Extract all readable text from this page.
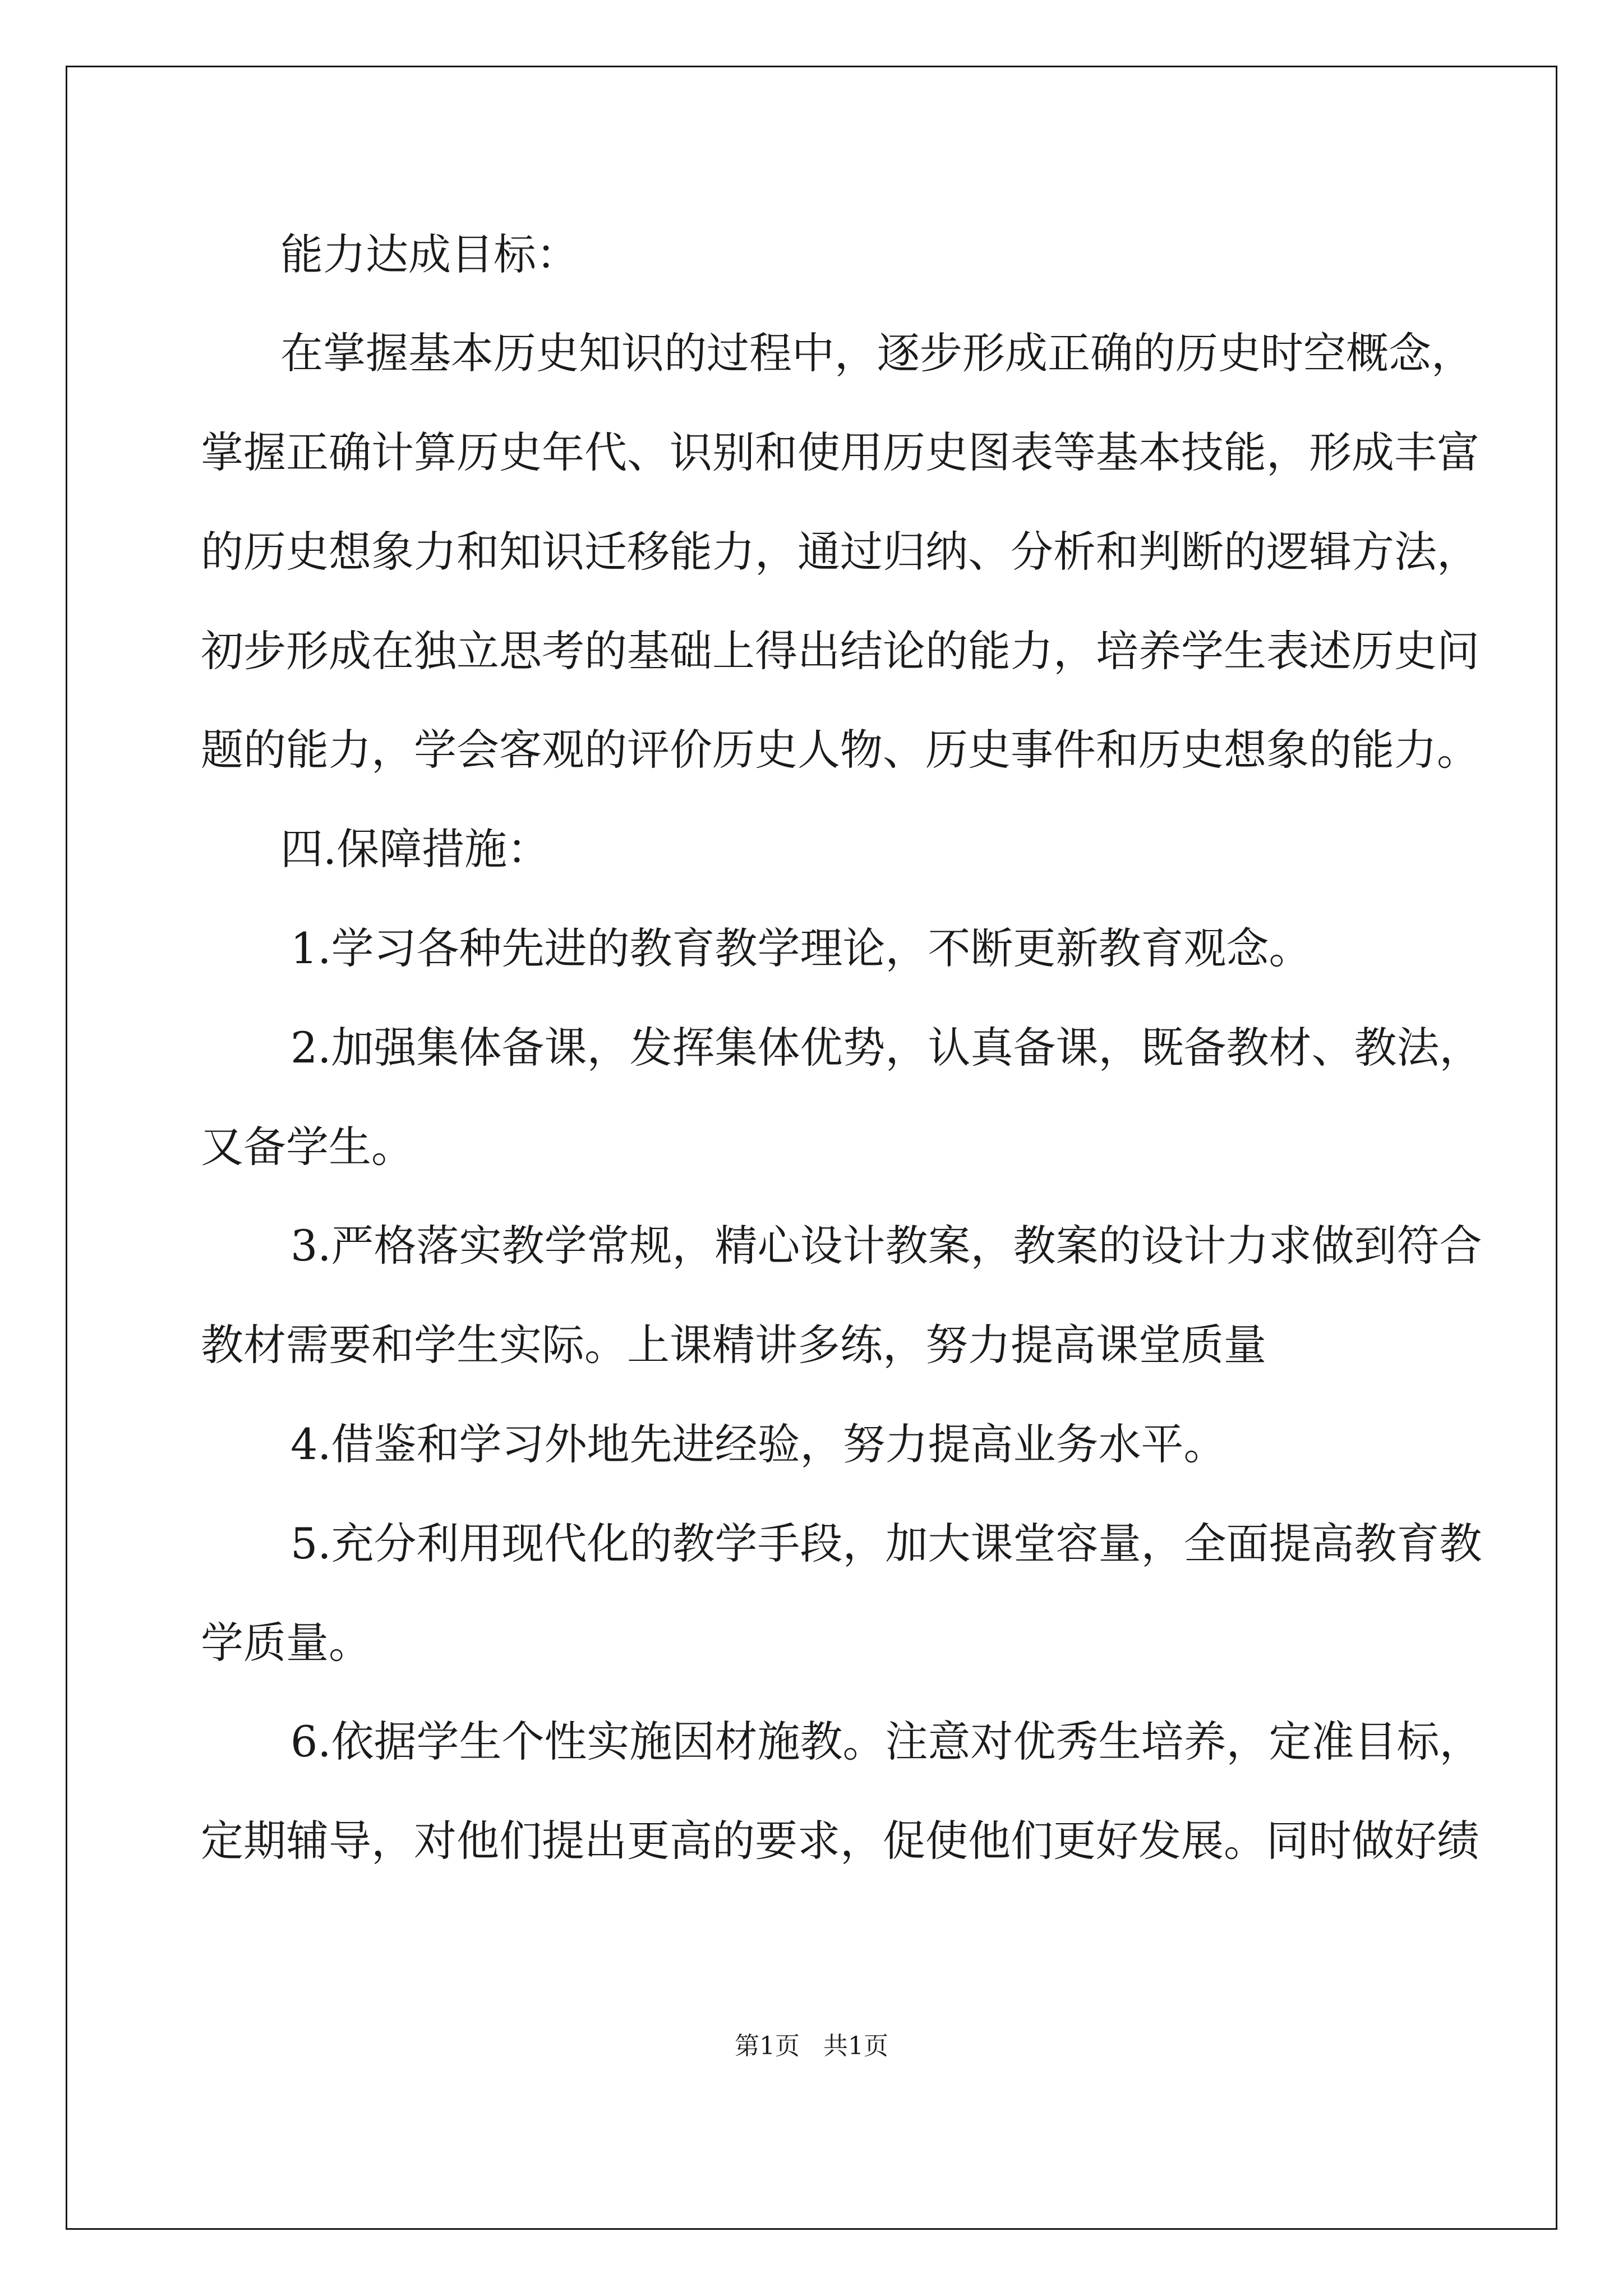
能力达成目标：
在掌握基本历史知识的过程中，逐步形成正确的历史时空概念，
掌握正确计算历史年代、识别和使用历史图表等基本技能，形成丰富
的历史想象力和知识迁移能力，通过归纳、分析和判断的逻辑方法，
初步形成在独立思考的基础上得出结论的能力，培养学生表述历史问
题的能力，学会客观的评价历史人物、历史事件和历史想象的能力。
四.保障措施：
1.学习各种先进的教育教学理论，不断更新教育观念。
2.加强集体备课，发挥集体优势，认真备课，既备教材、教法，
又备学生。
3.严格落实教学常规，精心设计教案，教案的设计力求做到符合
教材需要和学生实际。上课精讲多练，努力提高课堂质量
4.借鉴和学习外地先进经验，努力提高业务水平。
5.充分利用现代化的教学手段，加大课堂容量，全面提高教育教
学质量。
6.依据学生个性实施因材施教。注意对优秀生培养，定准目标，
定期辅导，对他们提出更高的要求，促使他们更好发展。同时做好绩
第1页   共1页
